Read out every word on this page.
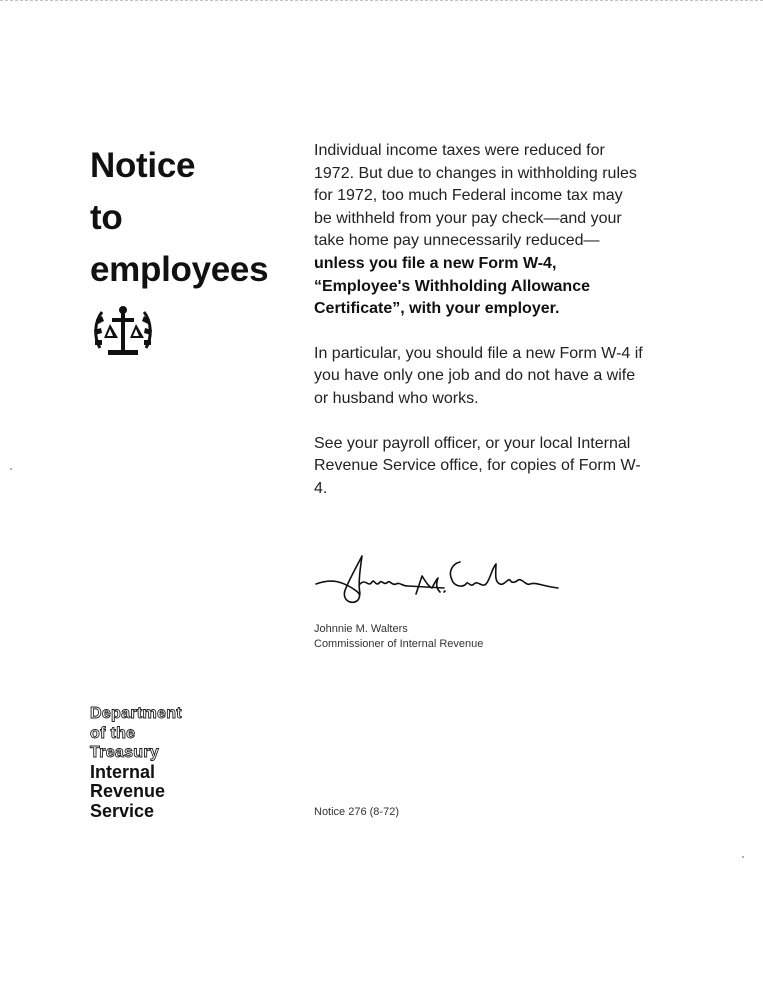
Notice
to
employees

Individual income taxes were reduced for 1972. But due to changes in withholding rules for 1972, too much Federal income tax may be withheld from your pay check—and your take home pay unnecessarily reduced— unless you file a new Form W-4, “Employee's Withholding Allowance Certificate”, with your employer.

In particular, you should file a new Form W-4 if you have only one job and do not have a wife or husband who works.

See your payroll officer, or your local Internal Revenue Service office, for copies of Form W-4.

Johnnie M. Walters
Commissioner of Internal Revenue
Department
of the
Treasury
Internal
Revenue
Service	Notice 276 (8-72)
